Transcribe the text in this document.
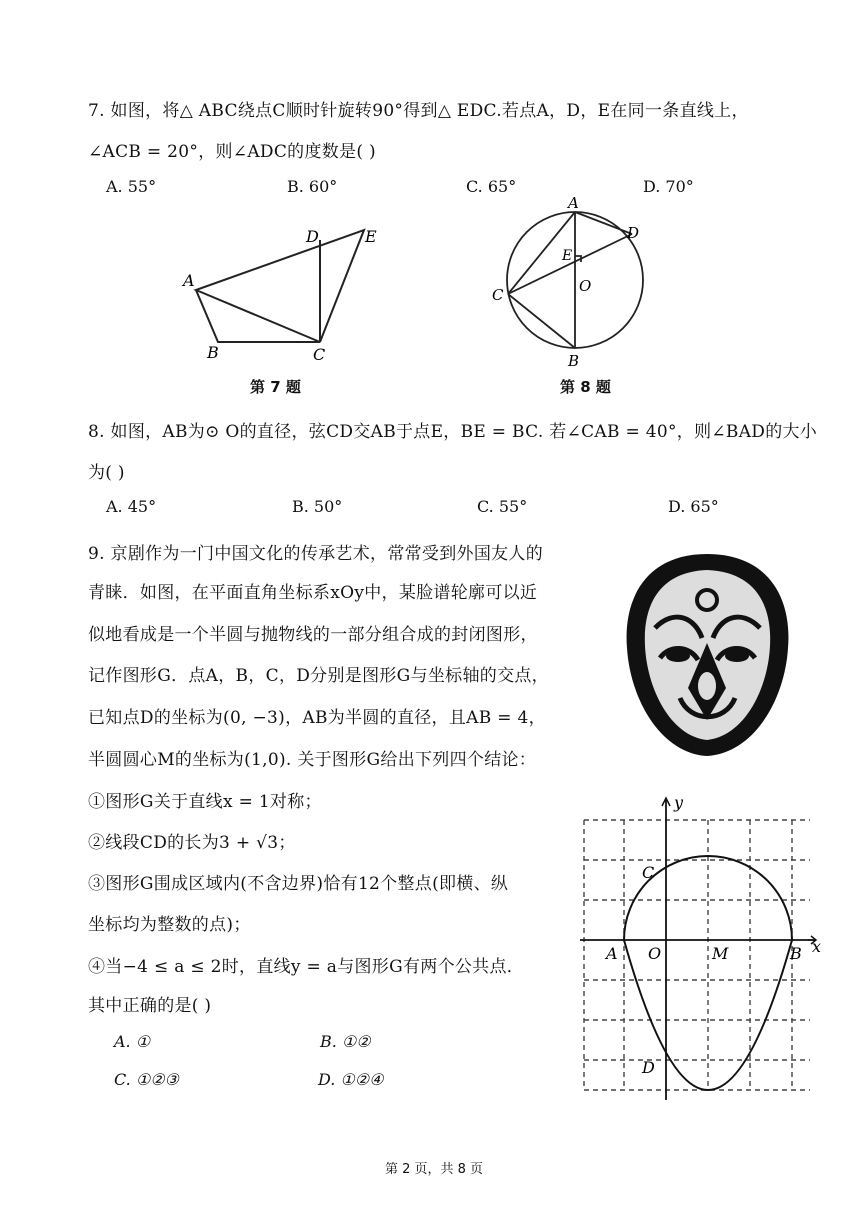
7. 如图，将△ ABC绕点C顺时针旋转90°得到△ EDC.若点A，D，E在同一条直线上，
∠ACB = 20°，则∠ADC的度数是( )
A. 55°	B. 60°	C. 65°	D. 70°
A
B	C
D	E
第 7 题
A
B
C
D
E
O
第 8 题
8. 如图，AB为⊙ O的直径，弦CD交AB于点E，BE = BC. 若∠CAB = 40°，则∠BAD的大小
为( )
A. 45°	B. 50°	C. 55°	D. 65°
9. 京剧作为一门中国文化的传承艺术，常常受到外国友人的
青睐．如图，在平面直角坐标系xOy中，某脸谱轮廓可以近
似地看成是一个半圆与抛物线的一部分组合成的封闭图形，
记作图形G．点A，B，C，D分别是图形G与坐标轴的交点，
已知点D的坐标为(0, −3)，AB为半圆的直径，且AB = 4，
半圆圆心M的坐标为(1,0). 关于图形G给出下列四个结论：
①图形G关于直线x = 1对称；
②线段CD的长为3 + √3；
③图形G围成区域内(不含边界)恰有12个整点(即横、纵
坐标均为整数的点)；
④当−4 ≤ a ≤ 2时，直线y = a与图形G有两个公共点．
其中正确的是( )
A. ①	B. ①②
C. ①②③	D. ①②④
y
x
A O	M	B
C
D
第 2 页，共 8 页
